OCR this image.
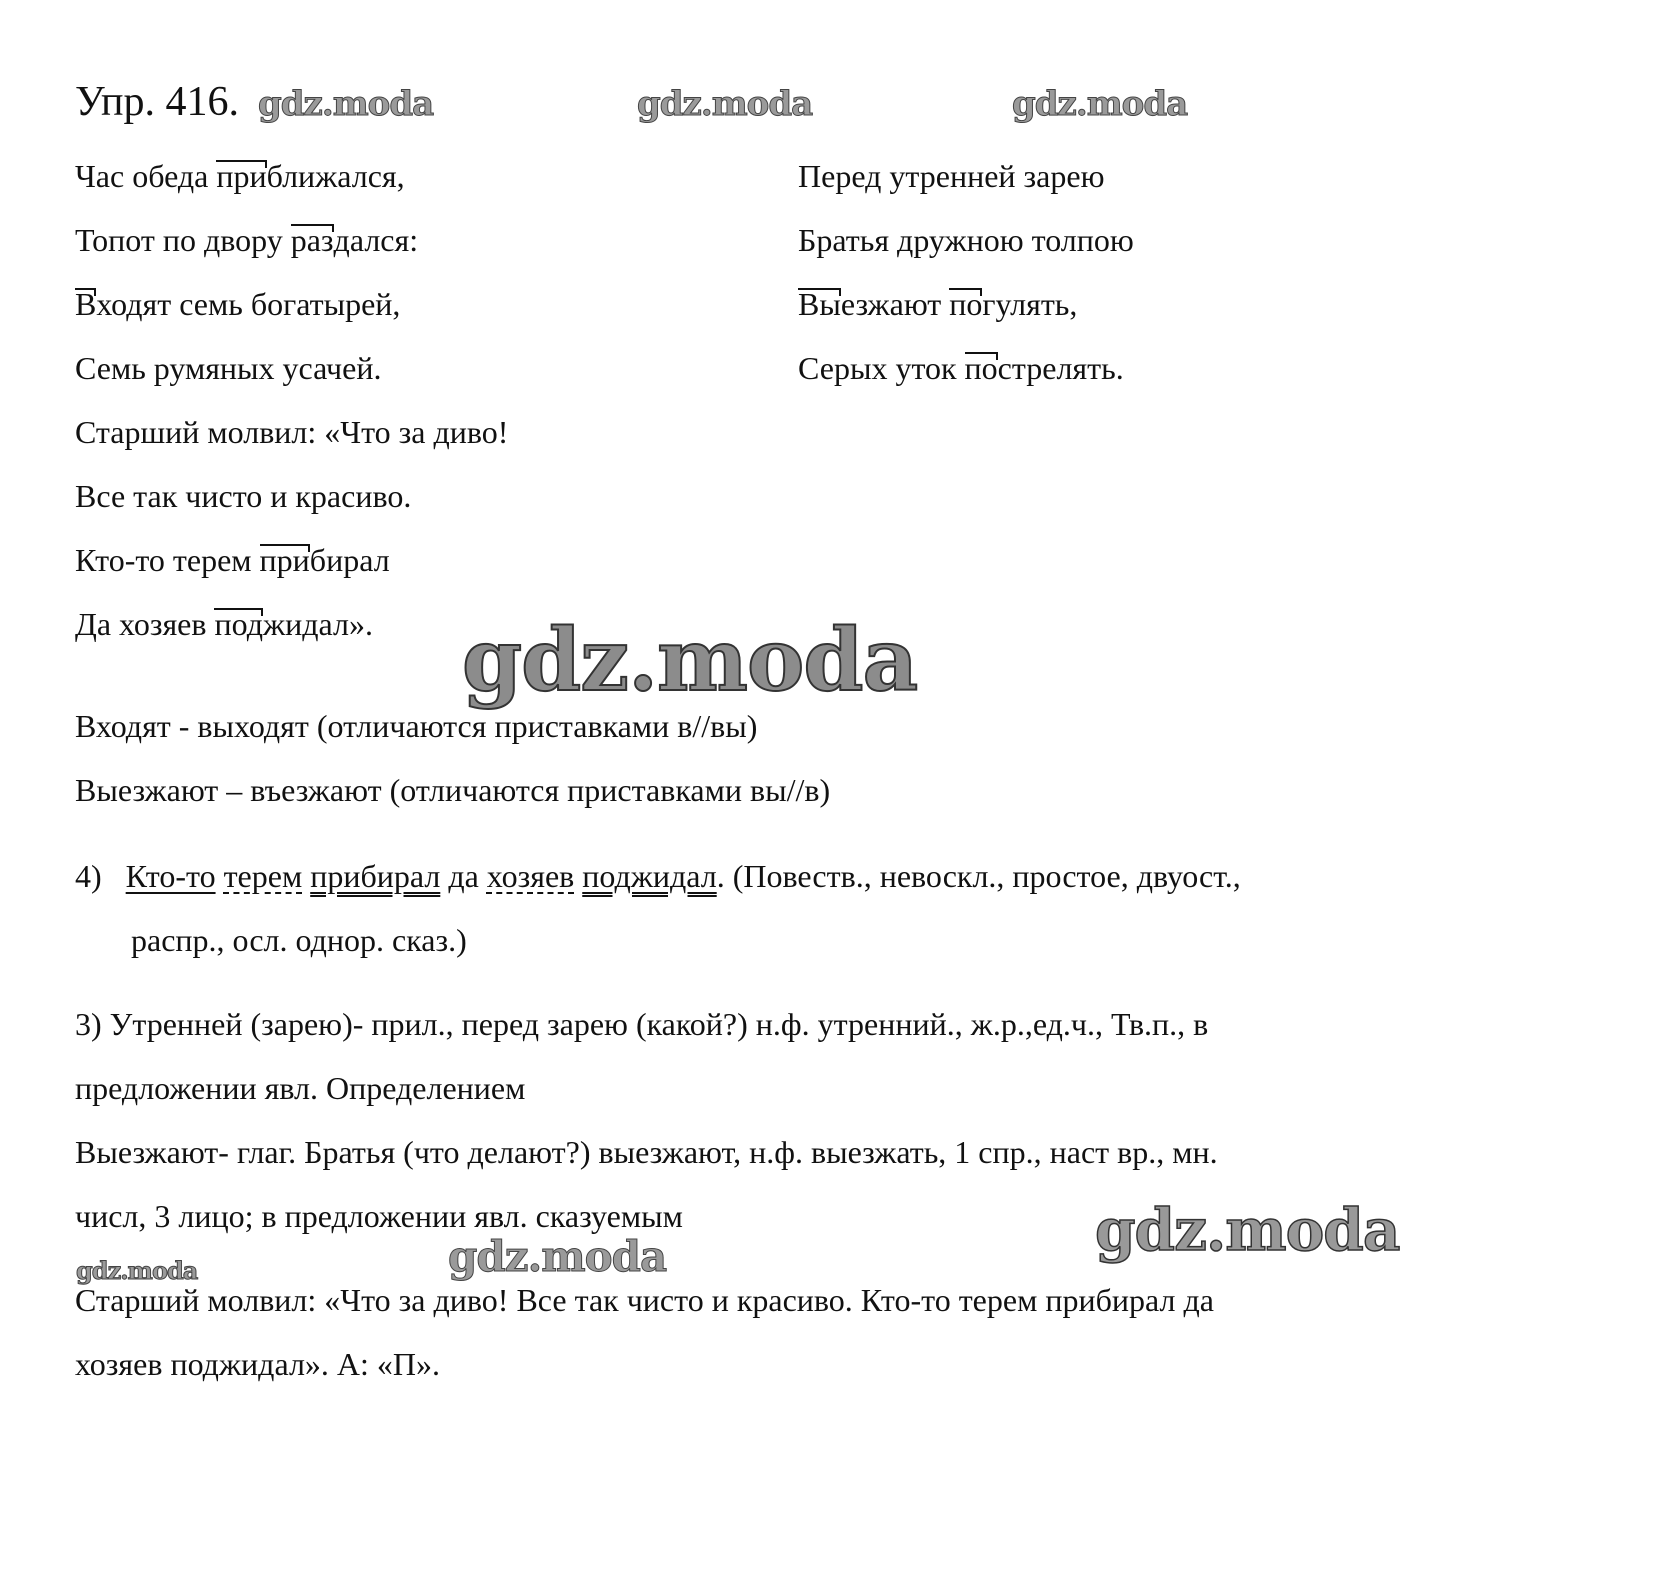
Упр. 416. gdz.moda	gdz.moda	gdz.moda
Час обеда приближался,
Топот по двору раздался:
Входят семь богатырей,
Семь румяных усачей.
Старший молвил: «Что за диво!
Все так чисто и красиво.
Кто-то терем прибирал
Да хозяев поджидал».
Перед утренней зарею
Братья дружною толпою
Выезжают погулять,
Серых уток пострелять.
gdz.moda
Входят - выходят (отличаются приставками в//вы)
Выезжают – въезжают (отличаются приставками вы//в)
4) Кто-то терем прибирал да хозяев поджидал. (Повеств., невоскл., простое, двуост.,
распр., осл. однор. сказ.)
3) Утренней (зарею)- прил., перед зарею (какой?) н.ф. утренний., ж.р.,ед.ч., Тв.п., в
предложении явл. Определением
Выезжают- глаг. Братья (что делают?) выезжают, н.ф. выезжать, 1 спр., наст вр., мн.
числ, 3 лицо; в предложении явл. сказуемым	gdz.moda
gdz.moda
gdz.moda
Старший молвил: «Что за диво! Все так чисто и красиво. Кто-то терем прибирал да
хозяев поджидал». А: «П».
